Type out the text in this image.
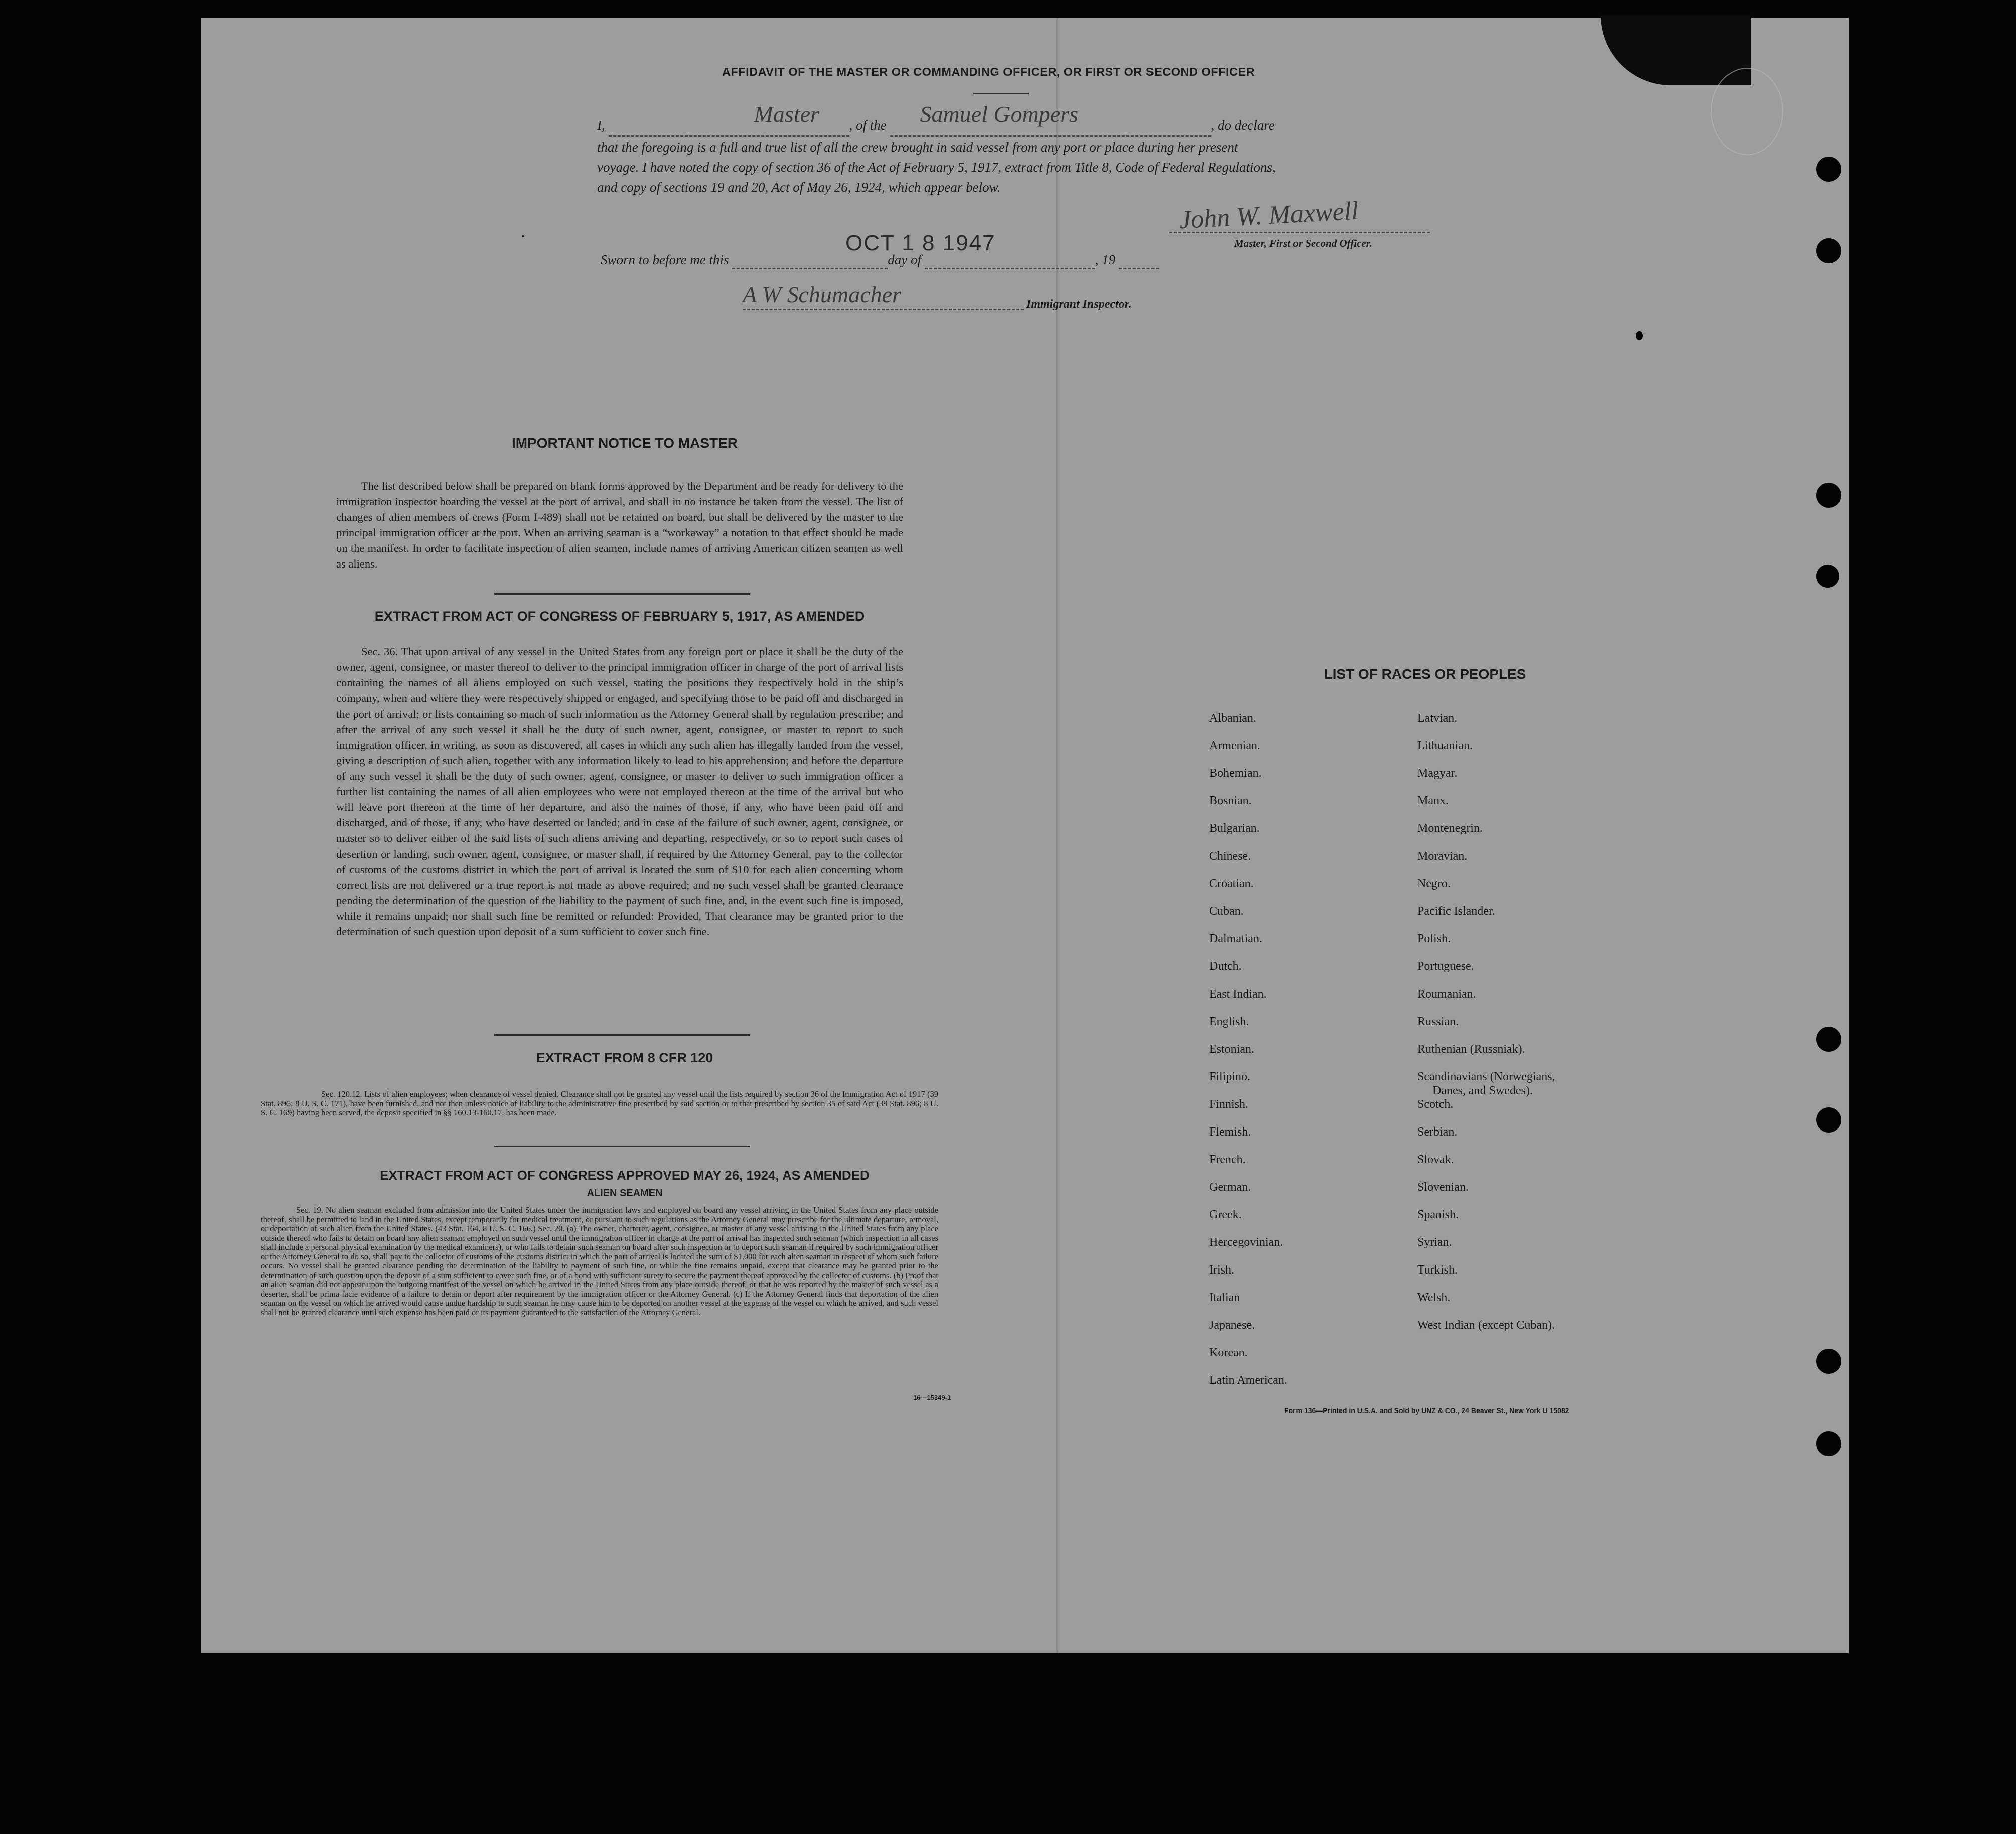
AFFIDAVIT OF THE MASTER OR COMMANDING OFFICER, OR FIRST OR SECOND OFFICER
I,	Master , of the Samuel Gompers	, do declare
that the foregoing is a full and true list of all the crew brought in said vessel from any port or place during her present
voyage. I have noted the copy of section 36 of the Act of February 5, 1917, extract from Title 8, Code of Federal Regulations,
and copy of sections 19 and 20, Act of May 26, 1924, which appear below.
John W. Maxwell
Master, First or Second Officer.
•	OCT 1 8 1947
Sworn to before me this	day of	, 19
A W Schumacher	Immigrant Inspector.
IMPORTANT NOTICE TO MASTER

The list described below shall be prepared on blank forms approved by the Department and be ready for delivery to the immigration inspector boarding the vessel at the port of arrival, and shall in no instance be taken from the vessel. The list of changes of alien members of crews (Form I-489) shall not be retained on board, but shall be delivered by the master to the principal immigration officer at the port. When an arriving seaman is a “workaway” a notation to that effect should be made on the manifest. In order to facilitate inspection of alien seamen, include names of arriving American citizen seamen as well as aliens.

EXTRACT FROM ACT OF CONGRESS OF FEBRUARY 5, 1917, AS AMENDED

Sec. 36. That upon arrival of any vessel in the United States from any foreign port or place it shall be the duty of the owner, agent, consignee, or master thereof to deliver to the principal immigration officer in charge of the port of arrival lists containing the names of all aliens employed on such vessel, stating the positions they respectively hold in the ship’s company, when and where they were respectively shipped or engaged, and specifying those to be paid off and discharged in the port of arrival; or lists containing so much of such information as the Attorney General shall by regulation prescribe; and after the arrival of any such vessel it shall be the duty of such owner, agent, consignee, or master to report to such immigration officer, in writing, as soon as discovered, all cases in which any such alien has illegally landed from the vessel, giving a description of such alien, together with any information likely to lead to his apprehension; and before the departure of any such vessel it shall be the duty of such owner, agent, consignee, or master to deliver to such immigration officer a further list containing the names of all alien employees who were not employed thereon at the time of the arrival but who will leave port thereon at the time of her departure, and also the names of those, if any, who have been paid off and discharged, and of those, if any, who have deserted or landed; and in case of the failure of such owner, agent, consignee, or master so to deliver either of the said lists of such aliens arriving and departing, respectively, or so to report such cases of desertion or landing, such owner, agent, consignee, or master shall, if required by the Attorney General, pay to the collector of customs of the customs district in which the port of arrival is located the sum of $10 for each alien concerning whom correct lists are not delivered or a true report is not made as above required; and no such vessel shall be granted clearance pending the determination of the question of the liability to the payment of such fine, and, in the event such fine is imposed, while it remains unpaid; nor shall such fine be remitted or refunded: Provided, That clearance may be granted prior to the determination of such question upon deposit of a sum sufficient to cover such fine.

EXTRACT FROM 8 CFR 120

Sec. 120.12. Lists of alien employees; when clearance of vessel denied. Clearance shall not be granted any vessel until the lists required by section 36 of the Immigration Act of 1917 (39 Stat. 896; 8 U. S. C. 171), have been furnished, and not then unless notice of liability to the administrative fine prescribed by said section or to that prescribed by section 35 of said Act (39 Stat. 896; 8 U. S. C. 169) having been served, the deposit specified in §§ 160.13-160.17, has been made.

EXTRACT FROM ACT OF CONGRESS APPROVED MAY 26, 1924, AS AMENDED
ALIEN SEAMEN

Sec. 19. No alien seaman excluded from admission into the United States under the immigration laws and employed on board any vessel arriving in the United States from any place outside thereof, shall be permitted to land in the United States, except temporarily for medical treatment, or pursuant to such regulations as the Attorney General may prescribe for the ultimate departure, removal, or deportation of such alien from the United States. (43 Stat. 164, 8 U. S. C. 166.) Sec. 20. (a) The owner, charterer, agent, consignee, or master of any vessel arriving in the United States from any place outside thereof who fails to detain on board any alien seaman employed on such vessel until the immigration officer in charge at the port of arrival has inspected such seaman (which inspection in all cases shall include a personal physical examination by the medical examiners), or who fails to detain such seaman on board after such inspection or to deport such seaman if required by such immigration officer or the Attorney General to do so, shall pay to the collector of customs of the customs district in which the port of arrival is located the sum of $1,000 for each alien seaman in respect of whom such failure occurs. No vessel shall be granted clearance pending the determination of the liability to payment of such fine, or while the fine remains unpaid, except that clearance may be granted prior to the determination of such question upon the deposit of a sum sufficient to cover such fine, or of a bond with sufficient surety to secure the payment thereof approved by the collector of customs. (b) Proof that an alien seaman did not appear upon the outgoing manifest of the vessel on which he arrived in the United States from any place outside thereof, or that he was reported by the master of such vessel as a deserter, shall be prima facie evidence of a failure to detain or deport after requirement by the immigration officer or the Attorney General. (c) If the Attorney General finds that deportation of the alien seaman on the vessel on which he arrived would cause undue hardship to such seaman he may cause him to be deported on another vessel at the expense of the vessel on which he arrived, and such vessel shall not be granted clearance until such expense has been paid or its payment guaranteed to the satisfaction of the Attorney General.

16—15349-1
LIST OF RACES OR PEOPLES
Form 136—Printed in U.S.A. and Sold by UNZ & CO., 24 Beaver St., New York U 15082
Albanian.
Armenian.
Bohemian.
Bosnian.
Bulgarian.
Chinese.
Croatian.
Cuban.
Dalmatian.
Dutch.
East Indian.
English.
Estonian.
Filipino.
Finnish.
Flemish.
French.
German.
Greek.
Hercegovinian.
Irish.
Italian
Japanese.
Korean.
Latin American.
Latvian.
Lithuanian.
Magyar.
Manx.
Montenegrin.
Moravian.
Negro.
Pacific Islander.
Polish.
Portuguese.
Roumanian.
Russian.
Ruthenian (Russniak).
Scandinavians (Norwegians,
Danes, and Swedes).
Scotch.
Serbian.
Slovak.
Slovenian.
Spanish.
Syrian.
Turkish.
Welsh.
West Indian (except Cuban).
